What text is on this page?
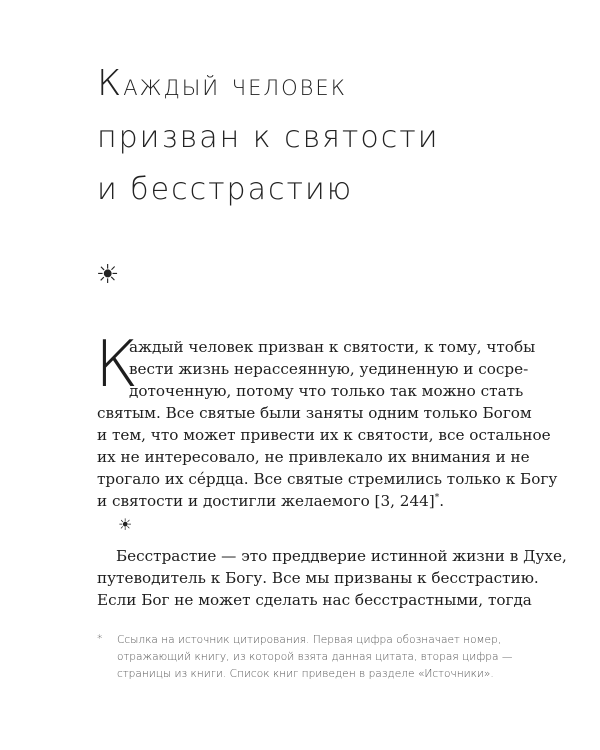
Каждый человек
призван к святости
и бесстрастию
☀
К
аждый человек призван к святости, к тому, чтобы
вести жизнь нерассеянную, уединенную и сосре-
доточенную, потому что только так можно стать
святым. Все святые были заняты одним только Богом
и тем, что может привести их к святости, все остальное
их не интересовало, не привлекало их внимания и не
трогало их сéрдца. Все святые стремились только к Богу
и святости и достигли желаемого [3, 244]*.
☀
Бесстрастие — это преддверие истинной жизни в Духе,
путеводитель к Богу. Все мы призваны к бесстрастию.
Если Бог не может сделать нас бесстрастными, тогда
*	Ссылка на источник цитирования. Первая цифра обозначает номер,
отражающий книгу, из которой взята данная цитата, вторая цифра —
страницы из книги. Список книг приведен в разделе «Источники».
